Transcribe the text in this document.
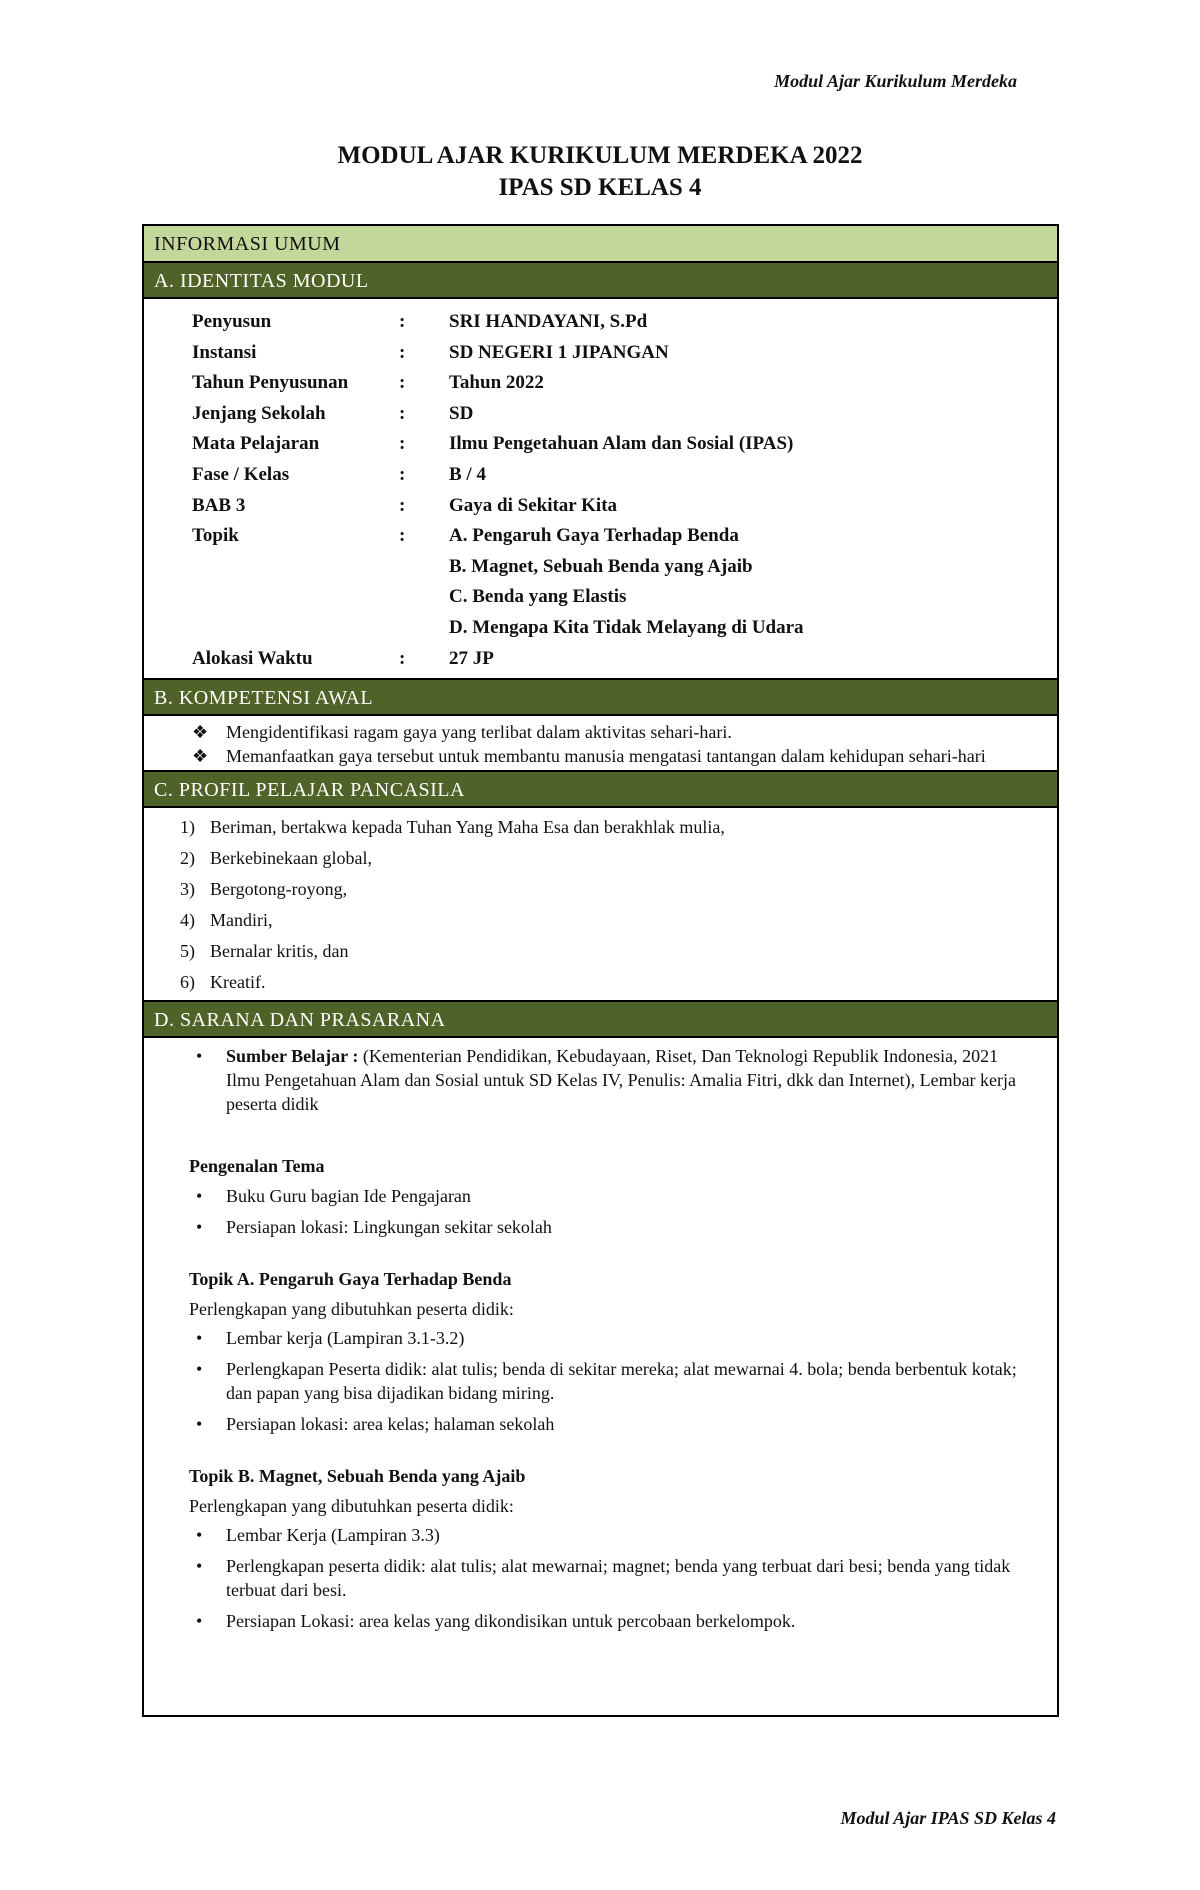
Modul Ajar Kurikulum Merdeka
MODUL AJAR KURIKULUM MERDEKA 2022
IPAS SD KELAS 4
INFORMASI UMUM
A. IDENTITAS MODUL
Penyusun	:	SRI HANDAYANI, S.Pd
Instansi	:	SD NEGERI 1 JIPANGAN
Tahun Penyusunan	:	Tahun 2022
Jenjang Sekolah	:	SD
Mata Pelajaran	:	Ilmu Pengetahuan Alam dan Sosial (IPAS)
Fase / Kelas	:	B / 4
BAB 3	:	Gaya di Sekitar Kita
Topik	:	A. Pengaruh Gaya Terhadap Benda
B. Magnet, Sebuah Benda yang Ajaib
C. Benda yang Elastis
D. Mengapa Kita Tidak Melayang di Udara
Alokasi Waktu	:	27 JP
B. KOMPETENSI AWAL
❖ Mengidentifikasi ragam gaya yang terlibat dalam aktivitas sehari-hari.
❖ Memanfaatkan gaya tersebut untuk membantu manusia mengatasi tantangan dalam kehidupan sehari-hari
C. PROFIL PELAJAR PANCASILA
1) Beriman, bertakwa kepada Tuhan Yang Maha Esa dan berakhlak mulia,
2) Berkebinekaan global,
3) Bergotong-royong,
4) Mandiri,
5) Bernalar kritis, dan
6) Kreatif.
D. SARANA DAN PRASARANA
•	Sumber Belajar : (Kementerian Pendidikan, Kebudayaan, Riset, Dan Teknologi Republik Indonesia, 2021 Ilmu Pengetahuan Alam dan Sosial untuk SD Kelas IV, Penulis: Amalia Fitri, dkk dan Internet), Lembar kerja peserta didik
Pengenalan Tema
•	Buku Guru bagian Ide Pengajaran
•	Persiapan lokasi: Lingkungan sekitar sekolah
Topik A. Pengaruh Gaya Terhadap Benda
Perlengkapan yang dibutuhkan peserta didik:
•	Lembar kerja (Lampiran 3.1-3.2)
•	Perlengkapan Peserta didik: alat tulis; benda di sekitar mereka; alat mewarnai 4. bola; benda berbentuk kotak; dan papan yang bisa dijadikan bidang miring.
•	Persiapan lokasi: area kelas; halaman sekolah
Topik B. Magnet, Sebuah Benda yang Ajaib
Perlengkapan yang dibutuhkan peserta didik:
•	Lembar Kerja (Lampiran 3.3)
•	Perlengkapan peserta didik: alat tulis; alat mewarnai; magnet; benda yang terbuat dari besi; benda yang tidak terbuat dari besi.
•	Persiapan Lokasi: area kelas yang dikondisikan untuk percobaan berkelompok.
Modul Ajar IPAS SD Kelas 4
